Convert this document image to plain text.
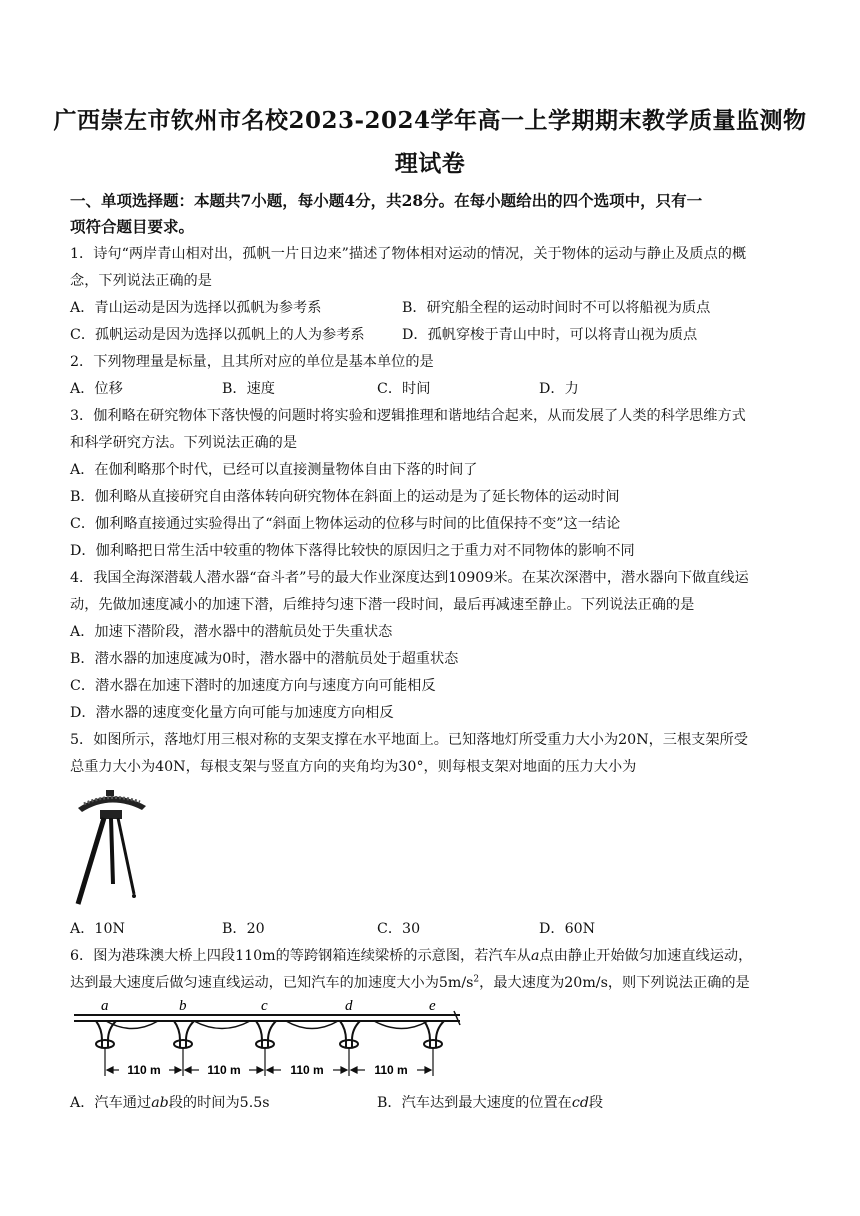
广西崇左市钦州市名校2023-2024学年高一上学期期末教学质量监测物
理试卷
一、单项选择题：本题共7小题，每小题4分，共28分。在每小题给出的四个选项中，只有一
项符合题目要求。
1．诗句“两岸青山相对出，孤帆一片日边来”描述了物体相对运动的情况，关于物体的运动与静止及质点的概
念，下列说法正确的是
A．青山运动是因为选择以孤帆为参考系	B．研究船全程的运动时间时不可以将船视为质点
C．孤帆运动是因为选择以孤帆上的人为参考系	D．孤帆穿梭于青山中时，可以将青山视为质点
2．下列物理量是标量，且其所对应的单位是基本单位的是
A．位移	B．速度	C．时间	D．力
3．伽利略在研究物体下落快慢的问题时将实验和逻辑推理和谐地结合起来，从而发展了人类的科学思维方式
和科学研究方法。下列说法正确的是
A．在伽利略那个时代，已经可以直接测量物体自由下落的时间了
B．伽利略从直接研究自由落体转向研究物体在斜面上的运动是为了延长物体的运动时间
C．伽利略直接通过实验得出了“斜面上物体运动的位移与时间的比值保持不变”这一结论
D．伽利略把日常生活中较重的物体下落得比较快的原因归之于重力对不同物体的影响不同
4．我国全海深潜载人潜水器“奋斗者”号的最大作业深度达到10909米。在某次深潜中，潜水器向下做直线运
动，先做加速度减小的加速下潜，后维持匀速下潜一段时间，最后再减速至静止。下列说法正确的是
A．加速下潜阶段，潜水器中的潜航员处于失重状态
B．潜水器的加速度减为0时，潜水器中的潜航员处于超重状态
C．潜水器在加速下潜时的加速度方向与速度方向可能相反
D．潜水器的速度变化量方向可能与加速度方向相反
5．如图所示，落地灯用三根对称的支架支撑在水平地面上。已知落地灯所受重力大小为20N，三根支架所受
总重力大小为40N，每根支架与竖直方向的夹角均为30°，则每根支架对地面的压力大小为
A．10N	B．20	C．30	D．60N
6．图为港珠澳大桥上四段110m的等跨钢箱连续梁桥的示意图，若汽车从a点由静止开始做匀加速直线运动，
达到最大速度后做匀速直线运动，已知汽车的加速度大小为$5m/s^2$，最大速度为20m/s，则下列说法正确的是
a	b	c	d	e
110 m	110 m	110 m	110 m
A．汽车通过ab段的时间为5.5s	B．汽车达到最大速度的位置在cd段
